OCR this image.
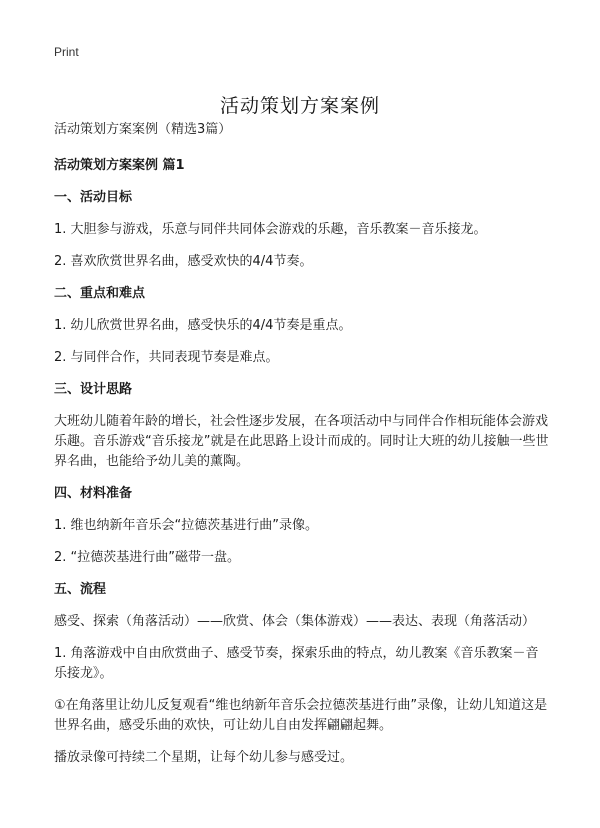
Print
活动策划方案案例

活动策划方案案例（精选3篇）

活动策划方案案例 篇1

一、活动目标

1. 大胆参与游戏，乐意与同伴共同体会游戏的乐趣，音乐教案－音乐接龙。

2. 喜欢欣赏世界名曲，感受欢快的4/4节奏。

二、重点和难点

1. 幼儿欣赏世界名曲，感受快乐的4/4节奏是重点。

2. 与同伴合作，共同表现节奏是难点。

三、设计思路

大班幼儿随着年龄的增长，社会性逐步发展，在各项活动中与同伴合作相玩能体会游戏乐趣。音乐游戏“音乐接龙”就是在此思路上设计而成的。同时让大班的幼儿接触一些世界名曲，也能给予幼儿美的薰陶。

四、材料准备

1. 维也纳新年音乐会“拉德茨基进行曲”录像。

2. “拉德茨基进行曲”磁带一盘。

五、流程

感受、探索（角落活动）——欣赏、体会（集体游戏）——表达、表现（角落活动）

1. 角落游戏中自由欣赏曲子、感受节奏，探索乐曲的特点，幼儿教案《音乐教案－音乐接龙》。

①在角落里让幼儿反复观看“维也纳新年音乐会拉德茨基进行曲”录像，让幼儿知道这是世界名曲，感受乐曲的欢快，可让幼儿自由发挥翩翩起舞。

播放录像可持续二个星期，让每个幼儿参与感受过。
